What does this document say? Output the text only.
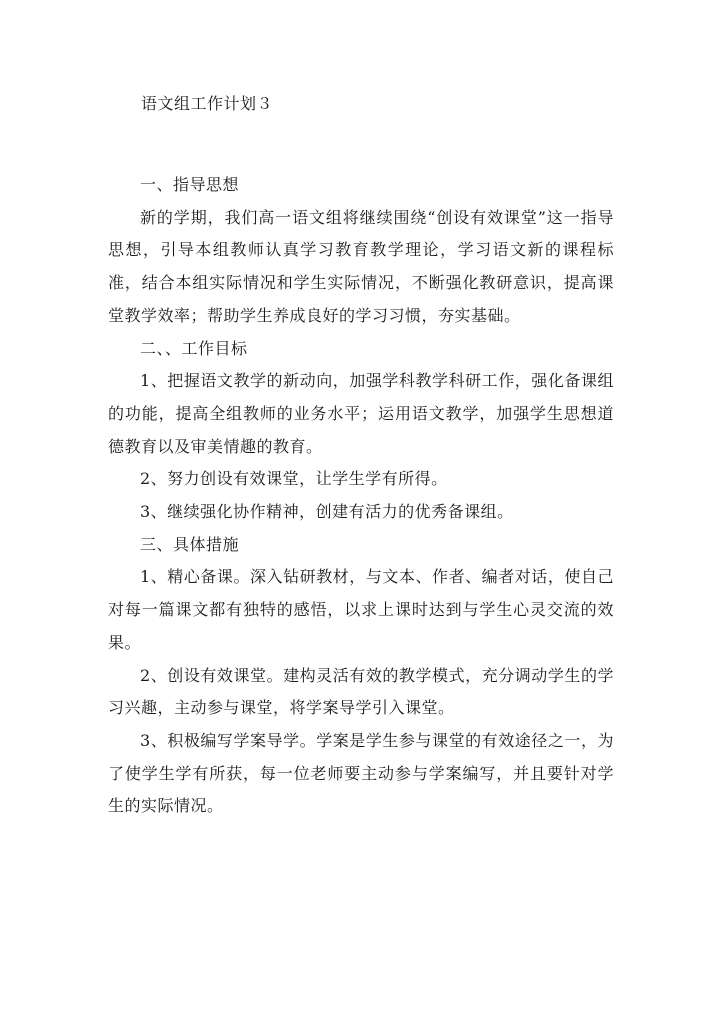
语文组工作计划３

一、指导思想

新的学期，我们高一语文组将继续围绕“创设有效课堂”这一指导思想，引导本组教师认真学习教育教学理论，学习语文新的课程标准，结合本组实际情况和学生实际情况，不断强化教研意识，提高课堂教学效率；帮助学生养成良好的学习习惯，夯实基础。

二、、工作目标

1、把握语文教学的新动向，加强学科教学科研工作，强化备课组的功能，提高全组教师的业务水平；运用语文教学，加强学生思想道德教育以及审美情趣的教育。

2、努力创设有效课堂，让学生学有所得。

3、继续强化协作精神，创建有活力的优秀备课组。

三、具体措施

1、精心备课。深入钻研教材，与文本、作者、编者对话，使自己对每一篇课文都有独特的感悟，以求上课时达到与学生心灵交流的效果。

2、创设有效课堂。建构灵活有效的教学模式，充分调动学生的学习兴趣，主动参与课堂，将学案导学引入课堂。

3、积极编写学案导学。学案是学生参与课堂的有效途径之一，为了使学生学有所获，每一位老师要主动参与学案编写，并且要针对学生的实际情况。
